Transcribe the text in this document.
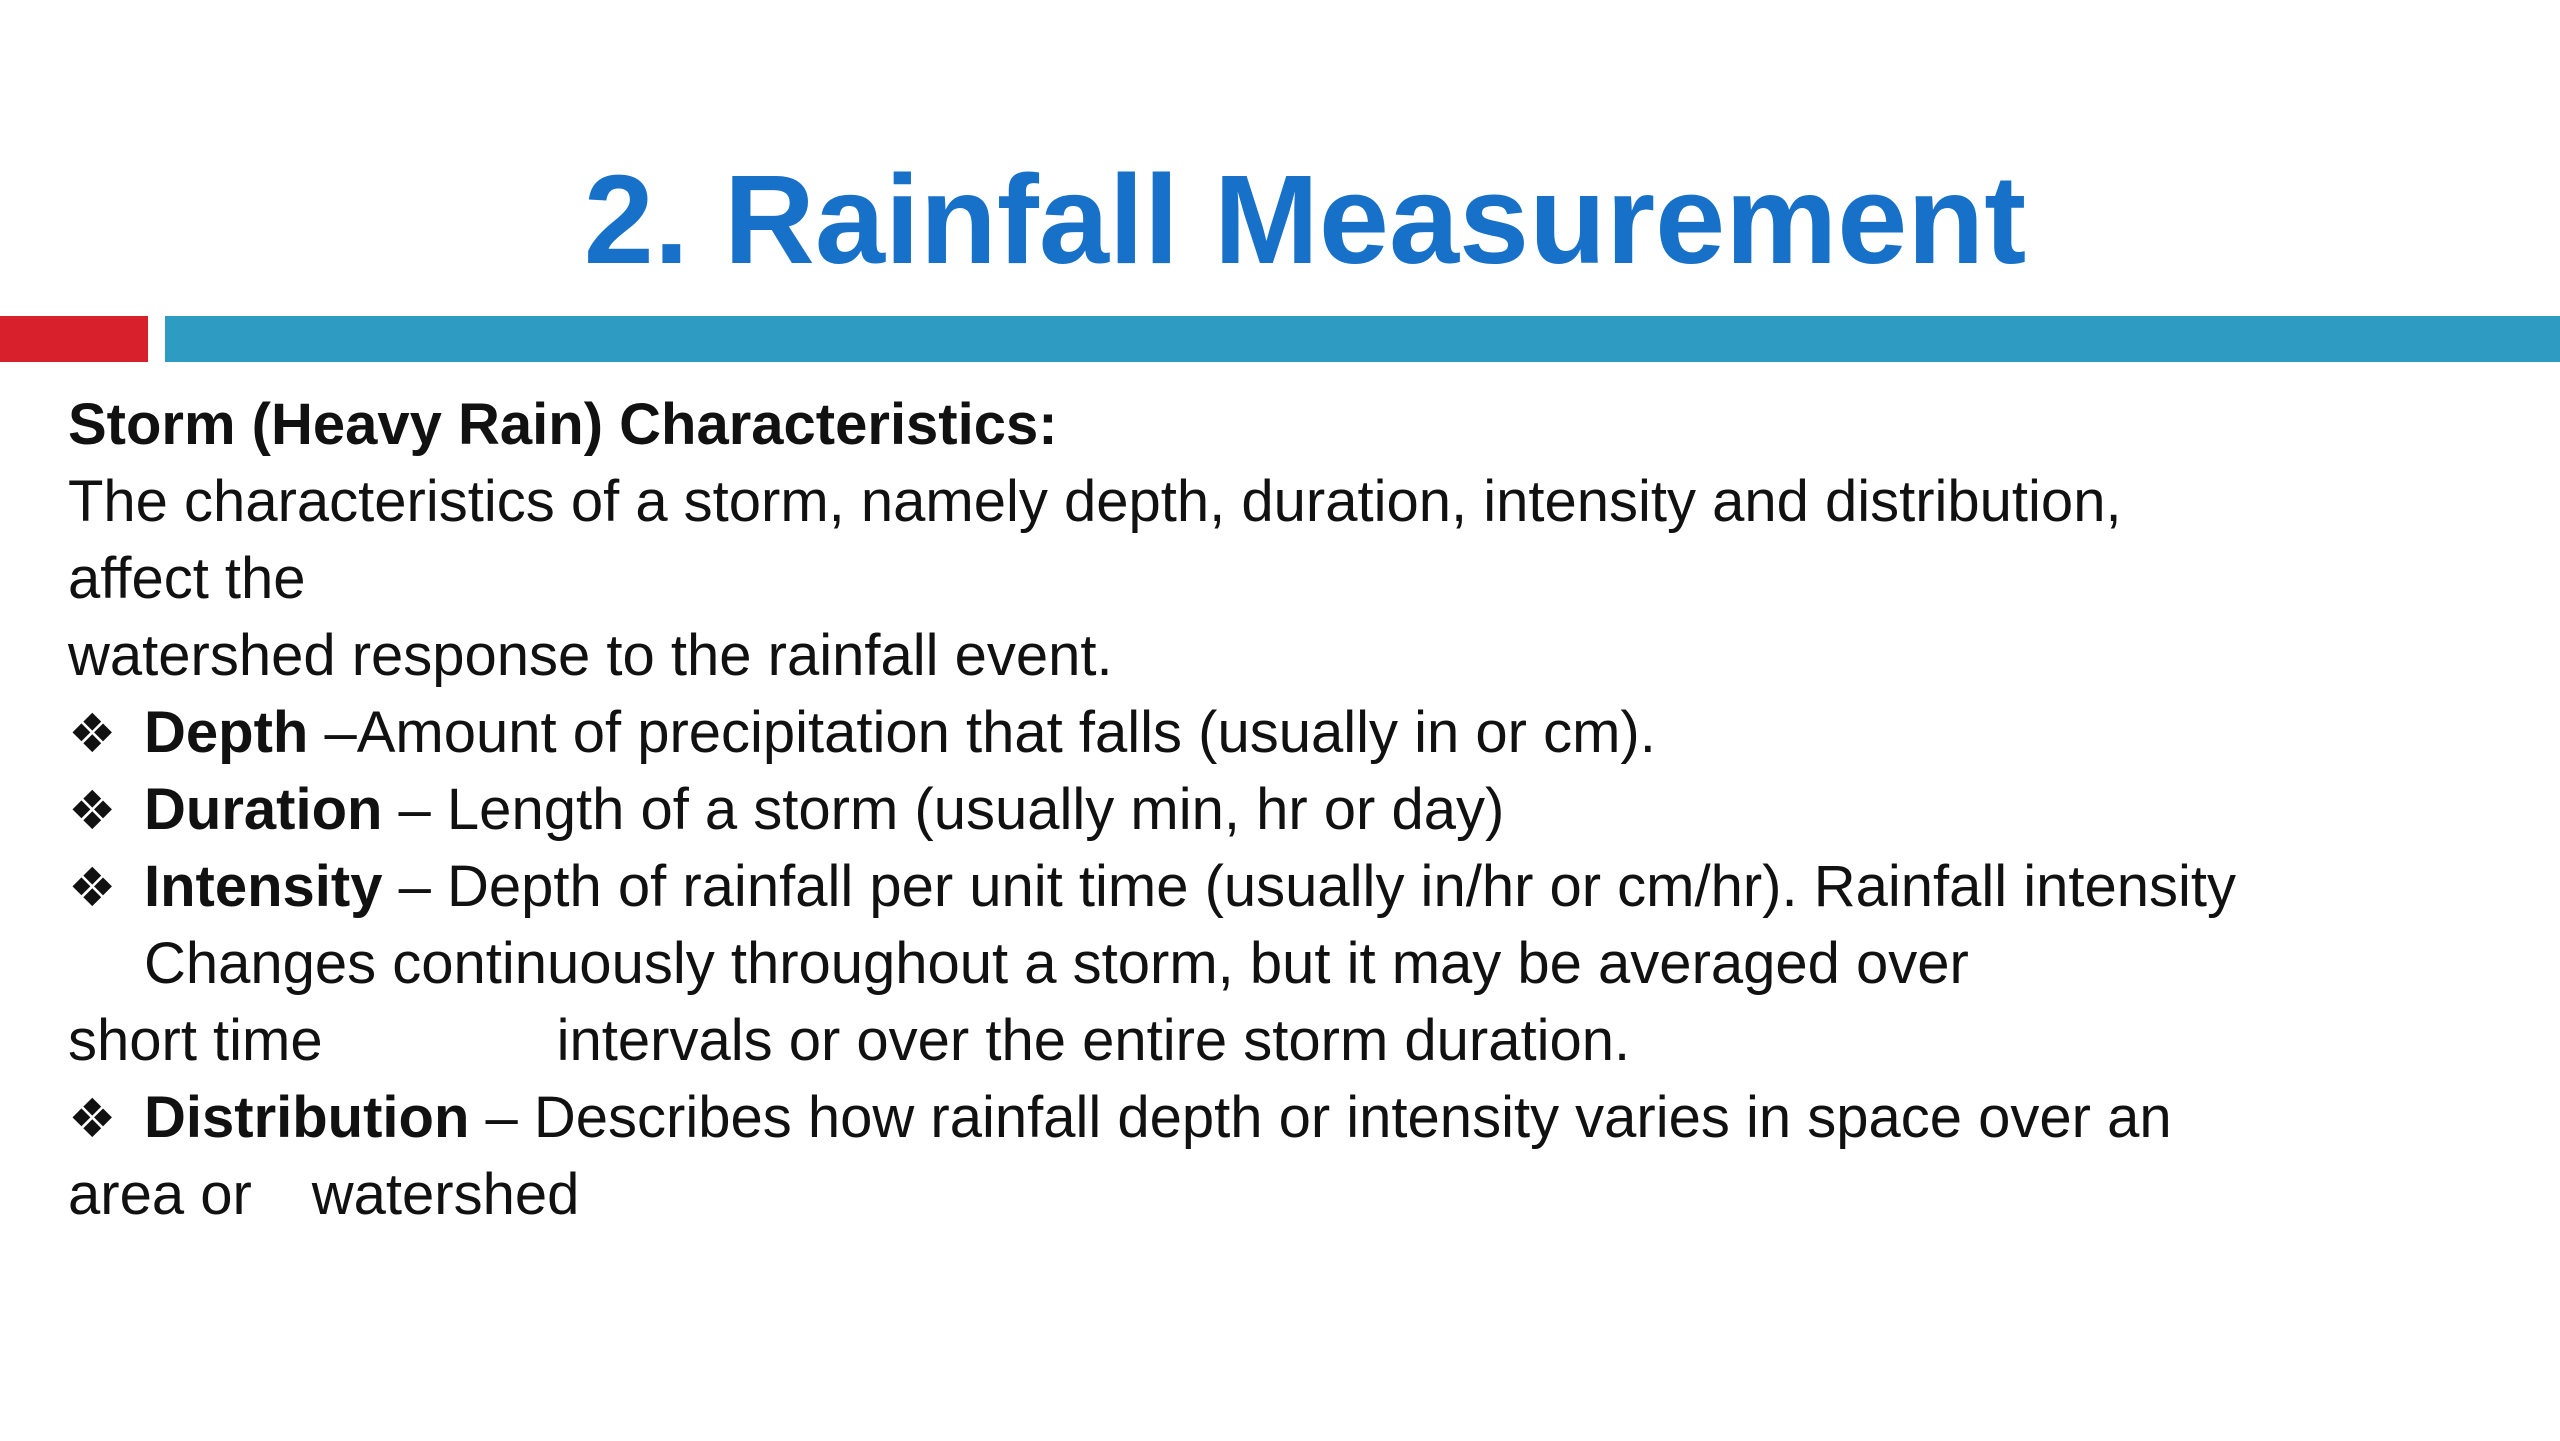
2. Rainfall Measurement
Storm (Heavy Rain) Characteristics:
The characteristics of a storm, namely depth, duration, intensity and distribution,
affect the
watershed response to the rainfall event.
❖ Depth –Amount of precipitation that falls (usually in or cm).
❖ Duration – Length of a storm (usually min, hr or day)
❖ Intensity – Depth of rainfall per unit time (usually in/hr or cm/hr). Rainfall intensity
Changes continuously throughout a storm, but it may be averaged over
short time	intervals or over the entire storm duration.
❖ Distribution – Describes how rainfall depth or intensity varies in space over an
area or watershed
